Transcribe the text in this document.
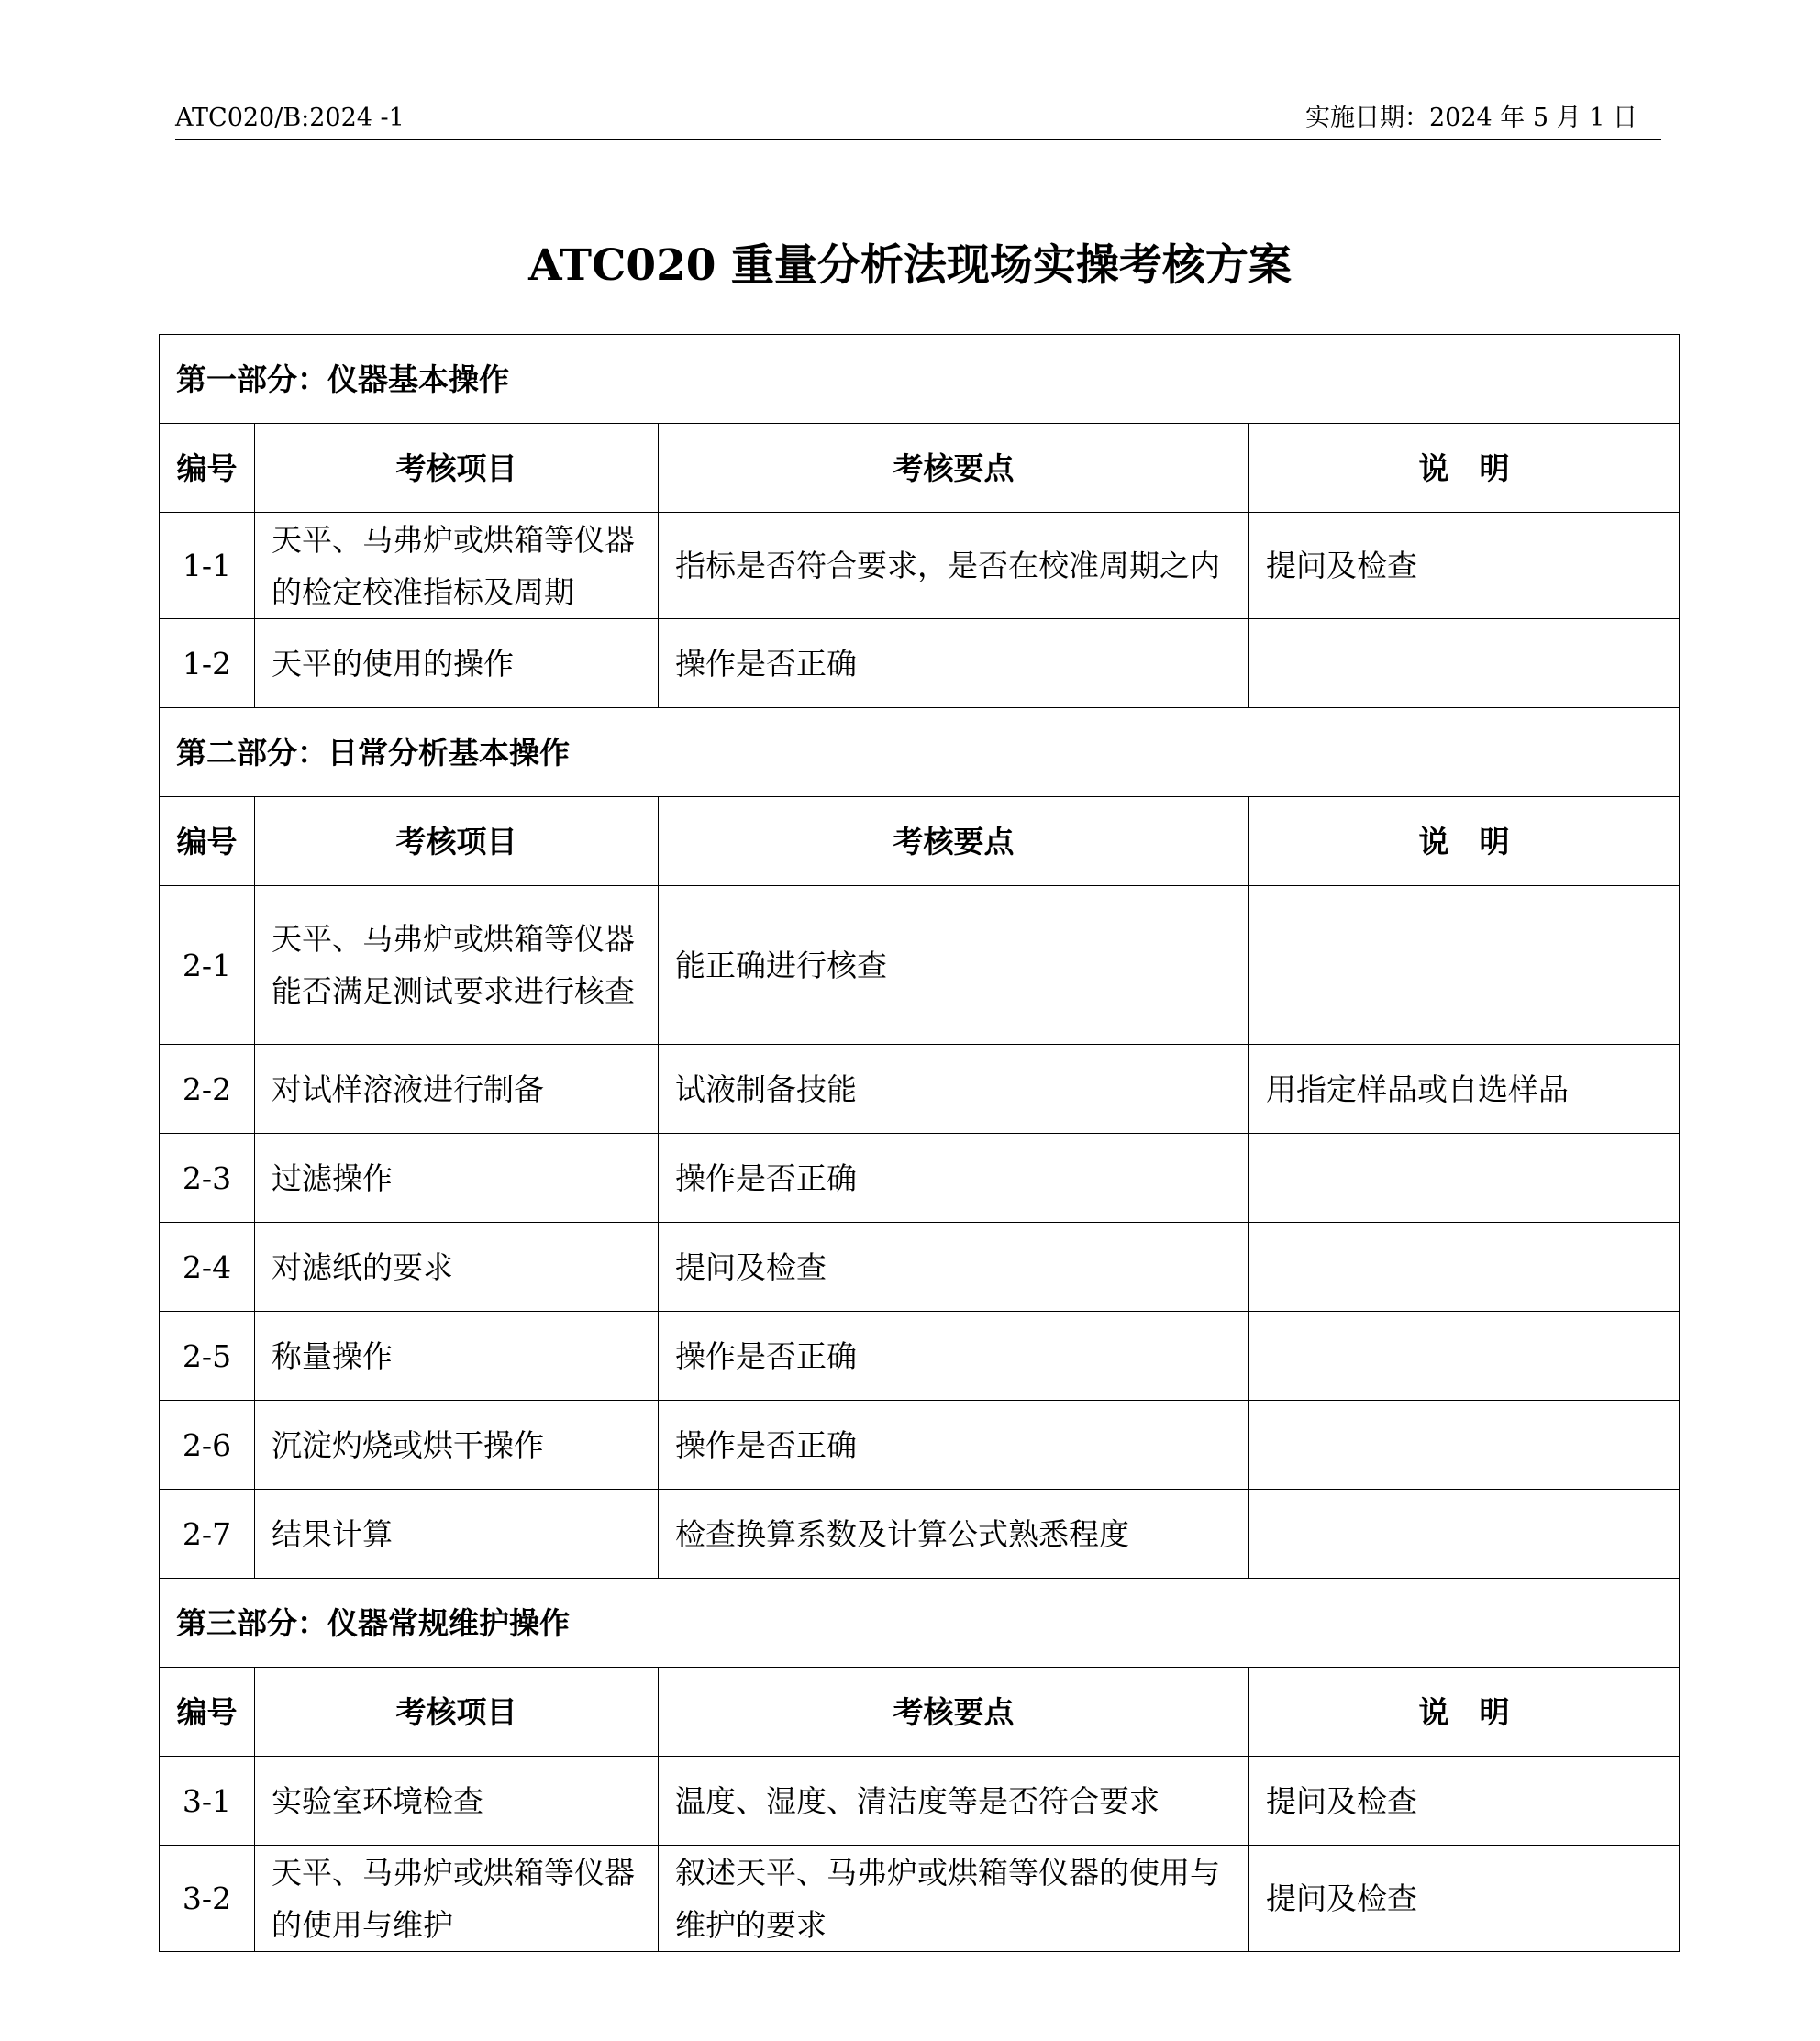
ATC020/B:2024 -1	实施日期：2024 年 5 月 1 日
ATC020 重量分析法现场实操考核方案
第一部分：仪器基本操作			
编号	考核项目	考核要点	说　明
1-1	天平、马弗炉或烘箱等仪器的检定校准指标及周期	指标是否符合要求，是否在校准周期之内	提问及检查
1-2	天平的使用的操作	操作是否正确	
第二部分：日常分析基本操作			
编号	考核项目	考核要点	说　明
2-1	天平、马弗炉或烘箱等仪器能否满足测试要求进行核查	能正确进行核查	
2-2	对试样溶液进行制备	试液制备技能	用指定样品或自选样品
2-3	过滤操作	操作是否正确	
2-4	对滤纸的要求	提问及检查	
2-5	称量操作	操作是否正确	
2-6	沉淀灼烧或烘干操作	操作是否正确	
2-7	结果计算	检查换算系数及计算公式熟悉程度	
第三部分：仪器常规维护操作			
编号	考核项目	考核要点	说　明
3-1	实验室环境检查	温度、湿度、清洁度等是否符合要求	提问及检查
3-2	天平、马弗炉或烘箱等仪器的使用与维护	叙述天平、马弗炉或烘箱等仪器的使用与维护的要求	提问及检查
